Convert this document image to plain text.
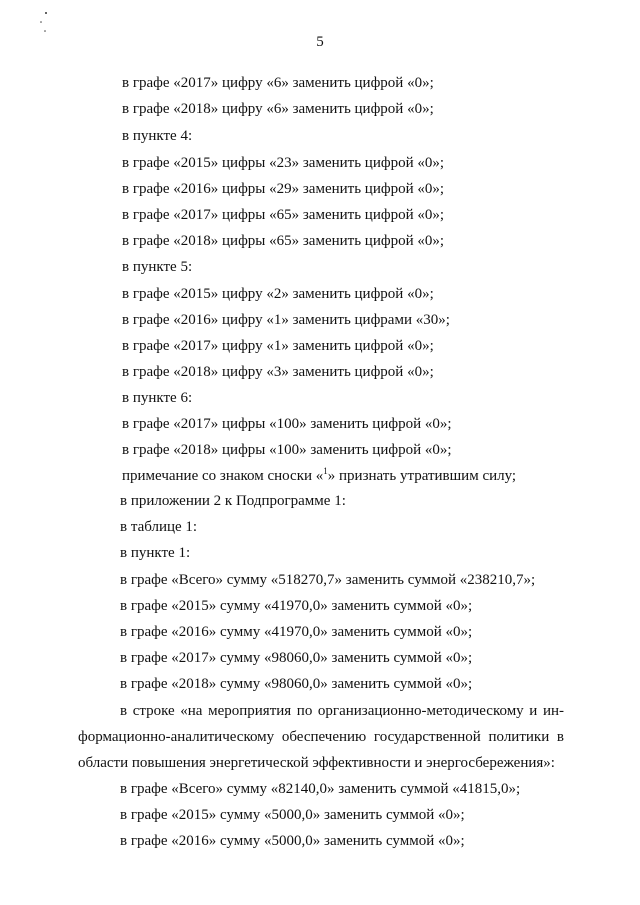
5
в графе «2017» цифру «6» заменить цифрой «0»;
в графе «2018» цифру «6» заменить цифрой «0»;
в пункте 4:
в графе «2015» цифры «23» заменить цифрой «0»;
в графе «2016» цифры «29» заменить цифрой «0»;
в графе «2017» цифры «65» заменить цифрой «0»;
в графе «2018» цифры «65» заменить цифрой «0»;
в пункте 5:
в графе «2015» цифру «2» заменить цифрой «0»;
в графе «2016» цифру «1» заменить цифрами «30»;
в графе «2017» цифру «1» заменить цифрой «0»;
в графе «2018» цифру «3» заменить цифрой «0»;
в пункте 6:
в графе «2017» цифры «100» заменить цифрой «0»;
в графе «2018» цифры «100» заменить цифрой «0»;
примечание со знаком сноски «$^1$» признать утратившим силу;
в приложении 2 к Подпрограмме 1:
в таблице 1:
в пункте 1:
в графе «Всего» сумму «518270,7» заменить суммой «238210,7»;
в графе «2015» сумму «41970,0» заменить суммой «0»;
в графе «2016» сумму «41970,0» заменить суммой «0»;
в графе «2017» сумму «98060,0» заменить суммой «0»;
в графе «2018» сумму «98060,0» заменить суммой «0»;
в строке «на мероприятия по организационно-методическому и ин-
формационно-аналитическому обеспечению государственной политики в
области повышения энергетической эффективности и энергосбережения»:
в графе «Всего» сумму «82140,0» заменить суммой «41815,0»;
в графе «2015» сумму «5000,0» заменить суммой «0»;
в графе «2016» сумму «5000,0» заменить суммой «0»;
